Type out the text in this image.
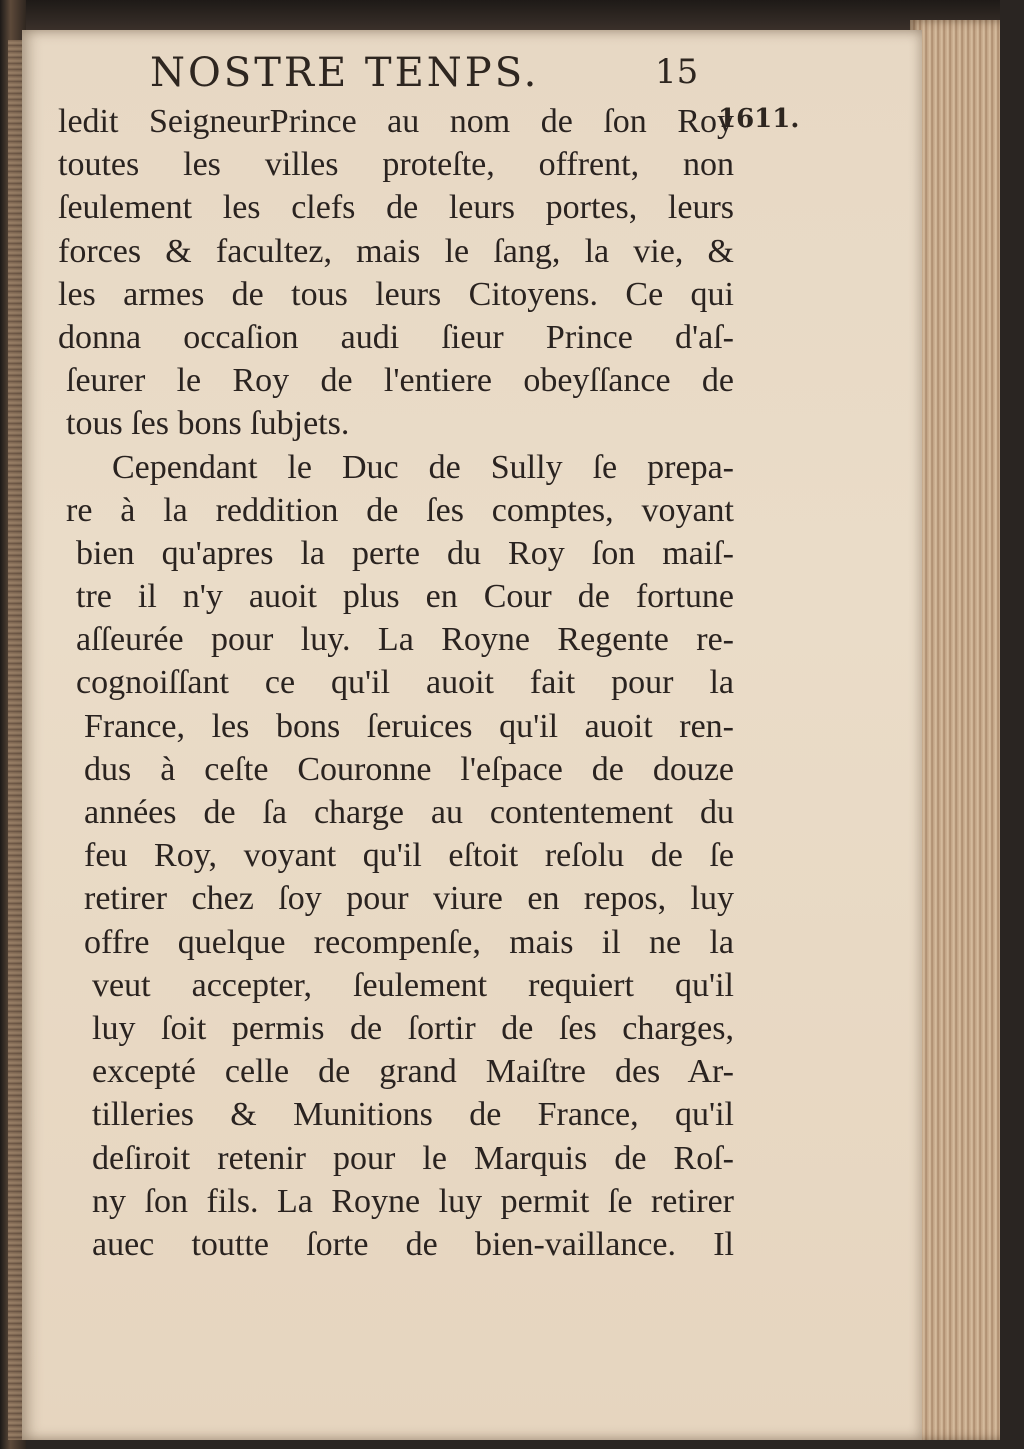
NOSTRE TENPS.	15
1611.
ledit SeigneurPrince au nom de ſon Roy
toutes les villes proteſte, offrent, non
ſeulement les clefs de leurs portes, leurs
forces & facultez, mais le ſang, la vie, &
les armes de tous leurs Citoyens. Ce qui
donna occaſion audi ſieur Prince d'aſ-
ſeurer le Roy de l'entiere obeyſſance de
tous ſes bons ſubjets.
Cependant le Duc de Sully ſe prepa-
re à la reddition de ſes comptes, voyant
bien qu'apres la perte du Roy ſon maiſ-
tre il n'y auoit plus en Cour de fortune
aſſeurée pour luy. La Royne Regente re-
cognoiſſant ce qu'il auoit fait pour la
France, les bons ſeruices qu'il auoit ren-
dus à ceſte Couronne l'eſpace de douze
années de ſa charge au contentement du
feu Roy, voyant qu'il eſtoit reſolu de ſe
retirer chez ſoy pour viure en repos, luy
offre quelque recompenſe, mais il ne la
veut accepter, ſeulement requiert qu'il
luy ſoit permis de ſortir de ſes charges,
excepté celle de grand Maiſtre des Ar-
tilleries & Munitions de France, qu'il
deſiroit retenir pour le Marquis de Roſ-
ny ſon fils. La Royne luy permit ſe retirer
auec toutte ſorte de bien-vaillance. Il
